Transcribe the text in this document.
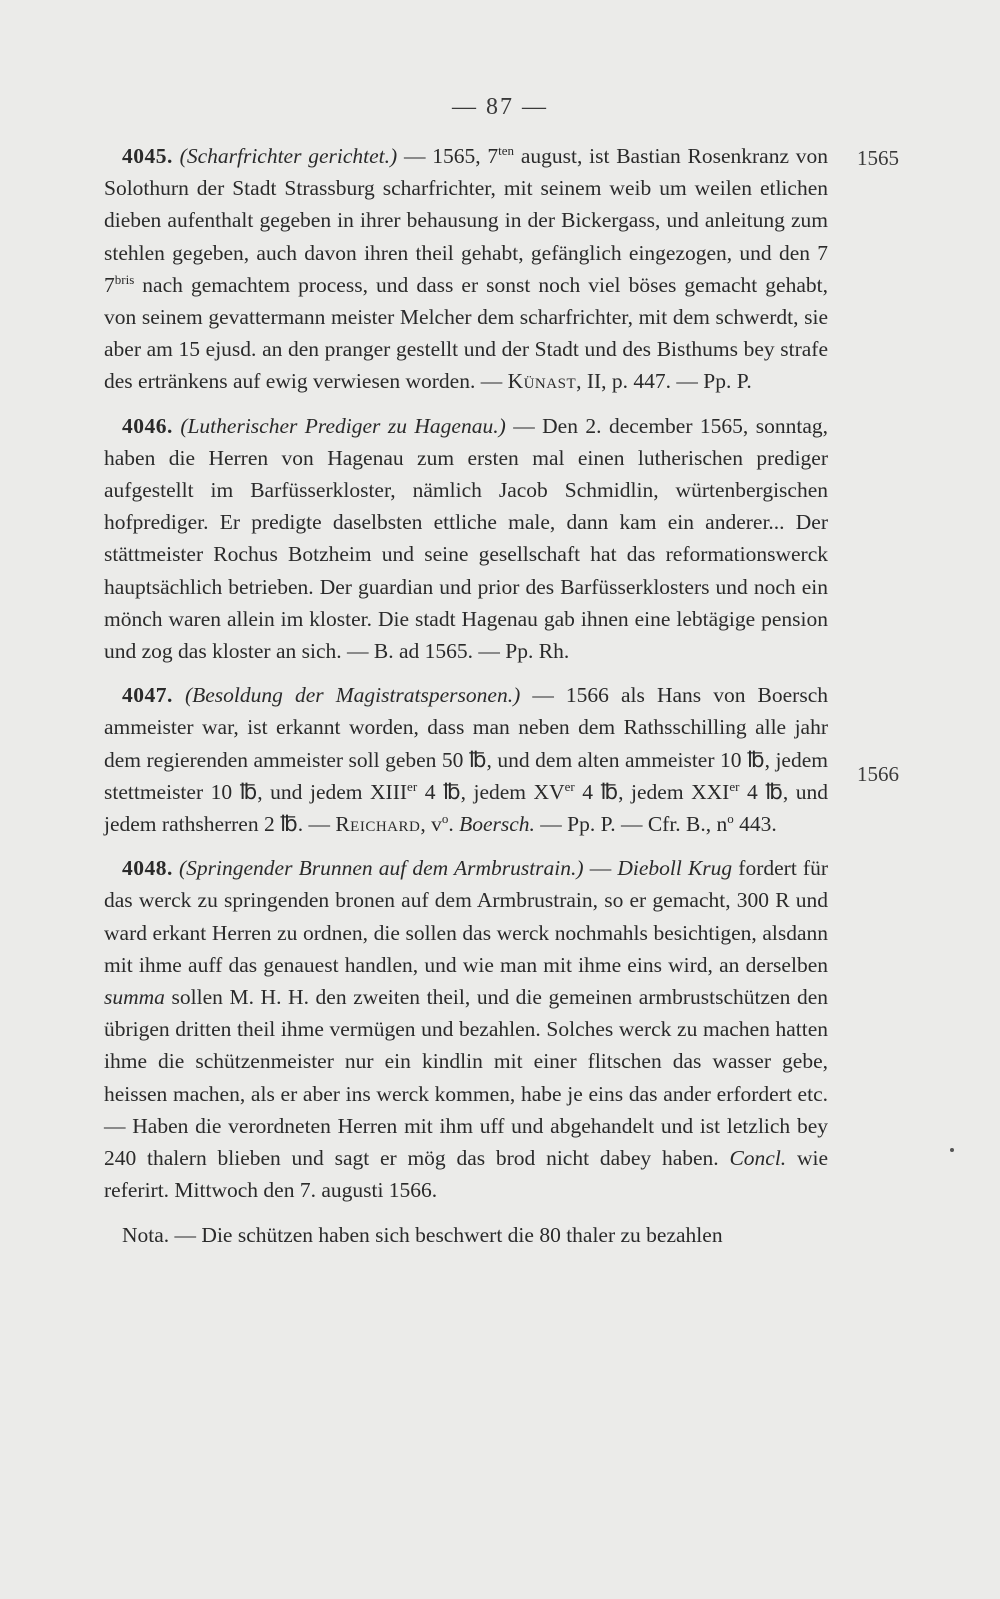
— 87 —
1565
1566

4045. (Scharfrichter gerichtet.) — 1565, $7^{ten}$ august, ist Bastian Rosenkranz von Solothurn der Stadt Strassburg scharfrichter, mit seinem weib um weilen etlichen dieben aufenthalt gegeben in ihrer behausung in der Bickergass, und anleitung zum stehlen gegeben, auch davon ihren theil gehabt, gefänglich eingezogen, und den 7 $7^{bris}$ nach gemachtem process, und dass er sonst noch viel böses gemacht gehabt, von seinem gevattermann meister Melcher dem scharfrichter, mit dem schwerdt, sie aber am 15 ejusd. an den pranger gestellt und der Stadt und des Bisthums bey strafe des ertränkens auf ewig verwiesen worden. — Künast, II, p. 447. — Pp. P.

4046. (Lutherischer Prediger zu Hagenau.) — Den 2. december 1565, sonntag, haben die Herren von Hagenau zum ersten mal einen lutherischen prediger aufgestellt im Barfüsserkloster, nämlich Jacob Schmidlin, würtenbergischen hofprediger. Er predigte daselbsten ettliche male, dann kam ein anderer... Der stättmeister Rochus Botzheim und seine gesellschaft hat das reformationswerck hauptsächlich betrieben. Der guardian und prior des Barfüsserklosters und noch ein mönch waren allein im kloster. Die stadt Hagenau gab ihnen eine lebtägige pension und zog das kloster an sich. — B. ad 1565. — Pp. Rh.

4047. (Besoldung der Magistratspersonen.) — 1566 als Hans von Boersch ammeister war, ist erkannt worden, dass man neben dem Rathsschilling alle jahr dem regierenden ammeister soll geben 50 ℔, und dem alten ammeister 10 ℔, jedem stettmeister 10 ℔, und jedem XIIIer 4 ℔, jedem XVer 4 ℔, jedem XXIer 4 ℔, und jedem rathsherren 2 ℔. — Reichard, $v^o$. Boersch. — Pp. P. — Cfr. B., $n^o$ 443.

4048. (Springender Brunnen auf dem Armbrustrain.) — Dieboll Krug fordert für das werck zu springenden bronen auf dem Armbrustrain, so er gemacht, 300 R und ward erkant Herren zu ordnen, die sollen das werck nochmahls besichtigen, alsdann mit ihme auff das genauest handlen, und wie man mit ihme eins wird, an derselben summa sollen M. H. H. den zweiten theil, und die gemeinen armbrustschützen den übrigen dritten theil ihme vermügen und bezahlen. Solches werck zu machen hatten ihme die schützenmeister nur ein kindlin mit einer flitschen das wasser gebe, heissen machen, als er aber ins werck kommen, habe je eins das ander erfordert etc. — Haben die verordneten Herren mit ihm uff und abgehandelt und ist letzlich bey 240 thalern blieben und sagt er mög das brod nicht dabey haben. Concl. wie referirt. Mittwoch den 7. augusti 1566.

Nota. — Die schützen haben sich beschwert die 80 thaler zu bezahlen
